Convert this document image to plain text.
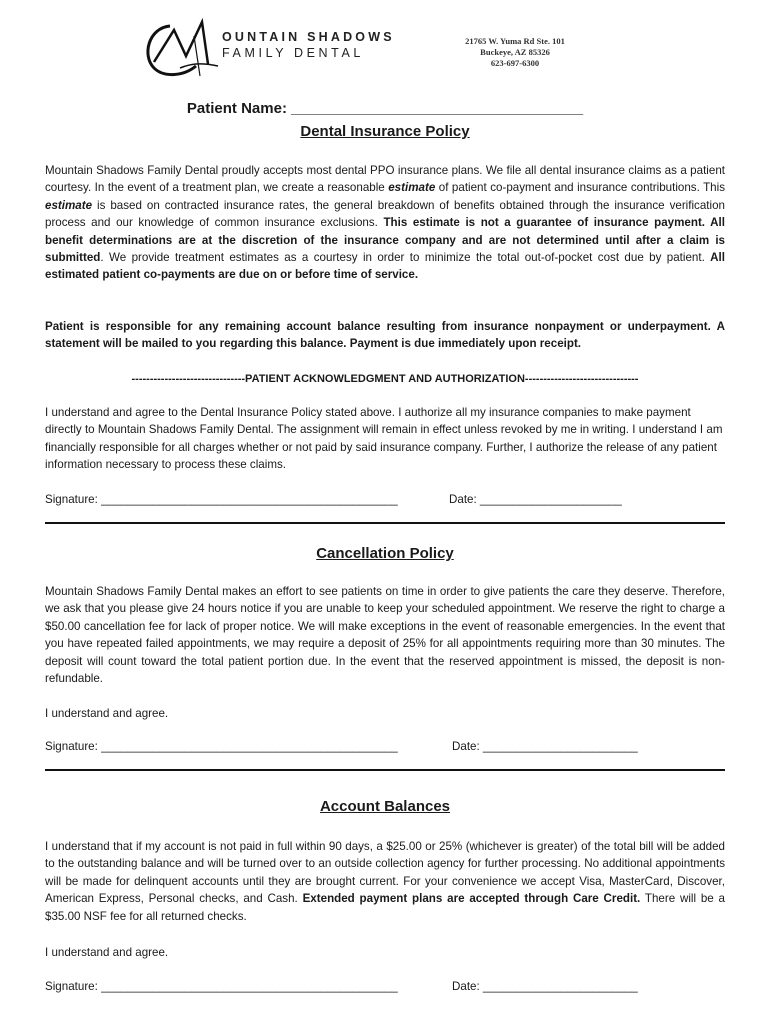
OUNTAIN SHADOWS
FAMILY DENTAL
21765 W. Yuma Rd Ste. 101
Buckeye, AZ 85326
623-697-6300
Patient Name: ___________________________________
Dental Insurance Policy
Mountain Shadows Family Dental proudly accepts most dental PPO insurance plans. We file all dental insurance claims as a patient courtesy. In the event of a treatment plan, we create a reasonable estimate of patient co-payment and insurance contributions. This estimate is based on contracted insurance rates, the general breakdown of benefits obtained through the insurance verification process and our knowledge of common insurance exclusions. This estimate is not a guarantee of insurance payment. All benefit determinations are at the discretion of the insurance company and are not determined until after a claim is submitted. We provide treatment estimates as a courtesy in order to minimize the total out-of-pocket cost due by patient. All estimated patient co-payments are due on or before time of service.
Patient is responsible for any remaining account balance resulting from insurance nonpayment or underpayment. A statement will be mailed to you regarding this balance. Payment is due immediately upon receipt.
-------------------------------PATIENT ACKNOWLEDGMENT AND AUTHORIZATION-------------------------------
I understand and agree to the Dental Insurance Policy stated above. I authorize all my insurance companies to make payment directly to Mountain Shadows Family Dental. The assignment will remain in effect unless revoked by me in writing. I understand I am financially responsible for all charges whether or not paid by said insurance company. Further, I authorize the release of any patient information necessary to process these claims.
Signature: ______________________________________________	Date: ______________________
Cancellation Policy
Mountain Shadows Family Dental makes an effort to see patients on time in order to give patients the care they deserve. Therefore, we ask that you please give 24 hours notice if you are unable to keep your scheduled appointment. We reserve the right to charge a $50.00 cancellation fee for lack of proper notice. We will make exceptions in the event of reasonable emergencies. In the event that you have repeated failed appointments, we may require a deposit of 25% for all appointments requiring more than 30 minutes. The deposit will count toward the total patient portion due. In the event that the reserved appointment is missed, the deposit is non-refundable.
I understand and agree.
Signature: ______________________________________________	Date: ________________________
Account Balances
I understand that if my account is not paid in full within 90 days, a $25.00 or 25% (whichever is greater) of the total bill will be added to the outstanding balance and will be turned over to an outside collection agency for further processing. No additional appointments will be made for delinquent accounts until they are brought current. For your convenience we accept Visa, MasterCard, Discover, American Express, Personal checks, and Cash. Extended payment plans are accepted through Care Credit. There will be a $35.00 NSF fee for all returned checks.
I understand and agree.
Signature: ______________________________________________	Date: ________________________
